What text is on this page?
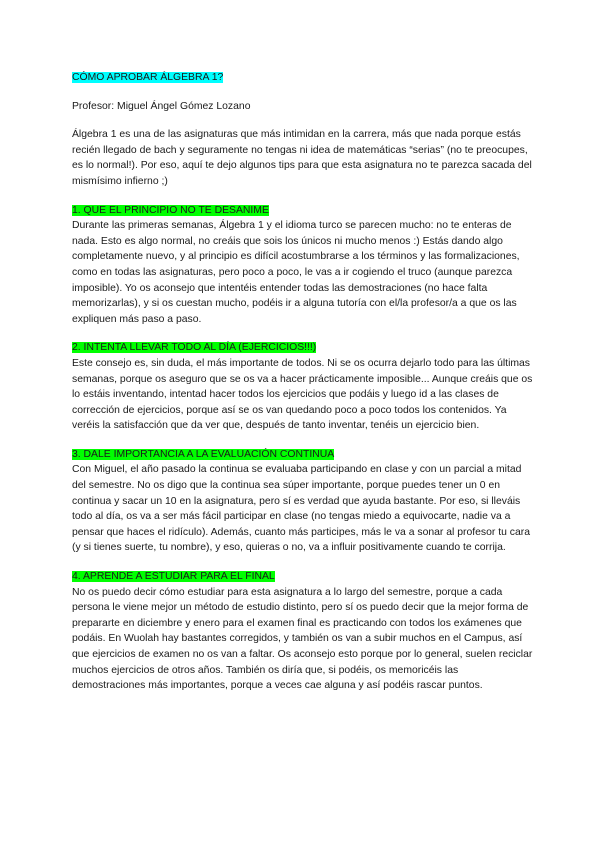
CÓMO APROBAR ÁLGEBRA 1?

Profesor: Miguel Ángel Gómez Lozano

Álgebra 1 es una de las asignaturas que más intimidan en la carrera, más que nada porque estás recién llegado de bach y seguramente no tengas ni idea de matemáticas “serias” (no te preocupes, es lo normal!). Por eso, aquí te dejo algunos tips para que esta asignatura no te parezca sacada del mismísimo infierno ;)

1. QUE EL PRINCIPIO NO TE DESANIME

Durante las primeras semanas, Álgebra 1 y el idioma turco se parecen mucho: no te enteras de nada. Esto es algo normal, no creáis que sois los únicos ni mucho menos :) Estás dando algo completamente nuevo, y al principio es difícil acostumbrarse a los términos y las formalizaciones, como en todas las asignaturas, pero poco a poco, le vas a ir cogiendo el truco (aunque parezca imposible). Yo os aconsejo que intentéis entender todas las demostraciones (no hace falta memorizarlas), y si os cuestan mucho, podéis ir a alguna tutoría con el/la profesor/a a que os las expliquen más paso a paso.

2. INTENTA LLEVAR TODO AL DÍA (EJERCICIOS!!!)

Este consejo es, sin duda, el más importante de todos. Ni se os ocurra dejarlo todo para las últimas semanas, porque os aseguro que se os va a hacer prácticamente imposible... Aunque creáis que os lo estáis inventando, intentad hacer todos los ejercicios que podáis y luego id a las clases de corrección de ejercicios, porque así se os van quedando poco a poco todos los contenidos. Ya veréis la satisfacción que da ver que, después de tanto inventar, tenéis un ejercicio bien.

3. DALE IMPORTANCIA A LA EVALUACIÓN CONTINUA

Con Miguel, el año pasado la continua se evaluaba participando en clase y con un parcial a mitad del semestre. No os digo que la continua sea súper importante, porque puedes tener un 0 en continua y sacar un 10 en la asignatura, pero sí es verdad que ayuda bastante. Por eso, si lleváis todo al día, os va a ser más fácil participar en clase (no tengas miedo a equivocarte, nadie va a pensar que haces el ridículo). Además, cuanto más participes, más le va a sonar al profesor tu cara (y si tienes suerte, tu nombre), y eso, quieras o no, va a influir positivamente cuando te corrija.

4. APRENDE A ESTUDIAR PARA EL FINAL

No os puedo decir cómo estudiar para esta asignatura a lo largo del semestre, porque a cada persona le viene mejor un método de estudio distinto, pero sí os puedo decir que la mejor forma de prepararte en diciembre y enero para el examen final es practicando con todos los exámenes que podáis. En Wuolah hay bastantes corregidos, y también os van a subir muchos en el Campus, así que ejercicios de examen no os van a faltar. Os aconsejo esto porque por lo general, suelen reciclar muchos ejercicios de otros años. También os diría que, si podéis, os memoricéis las demostraciones más importantes, porque a veces cae alguna y así podéis rascar puntos.
